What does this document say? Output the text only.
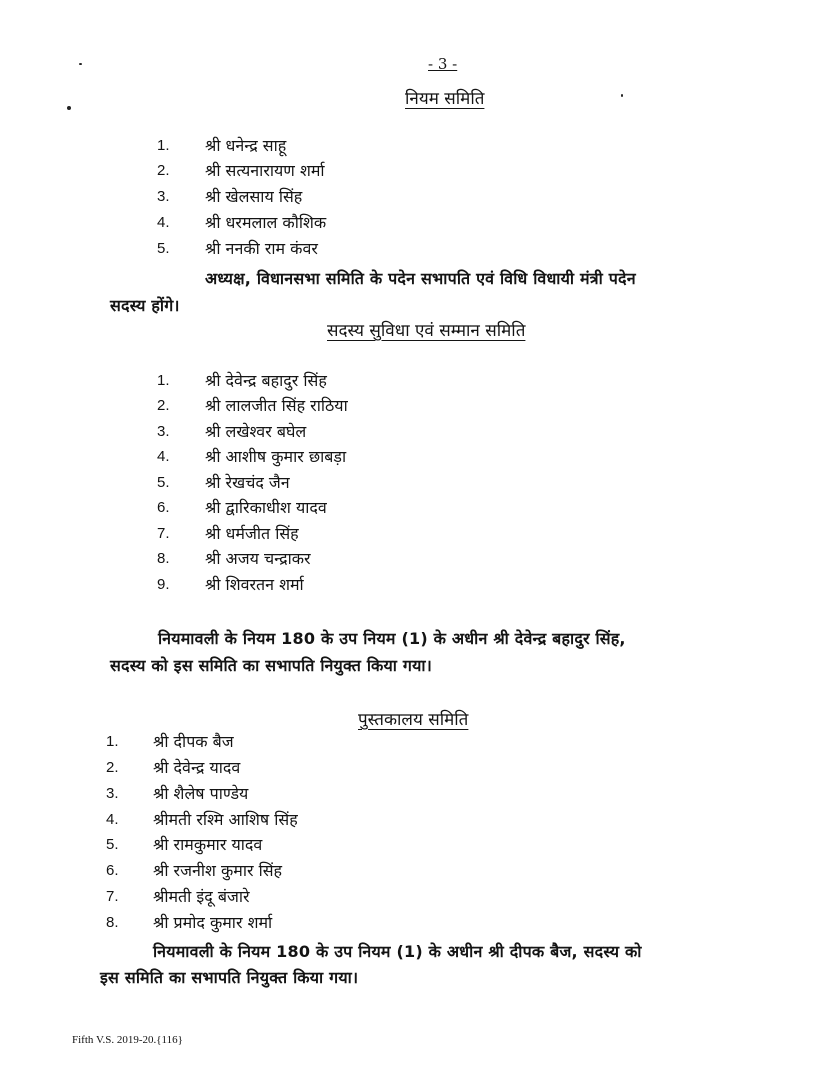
- 3 -
नियम समिति
1. श्री धनेन्द्र साहू
2. श्री सत्यनारायण शर्मा
3. श्री खेलसाय सिंह
4. श्री धरमलाल कौशिक
5. श्री ननकी राम कंवर
अध्यक्ष, विधानसभा समिति के पदेन सभापति एवं विधि विधायी मंत्री पदेन
सदस्य होंगे।
सदस्य सुविधा एवं सम्मान समिति
1. श्री देवेन्द्र बहादुर सिंह
2. श्री लालजीत सिंह राठिया
3. श्री लखेश्वर बघेल
4. श्री आशीष कुमार छाबड़ा
5. श्री रेखचंद जैन
6. श्री द्वारिकाधीश यादव
7. श्री धर्मजीत सिंह
8. श्री अजय चन्द्राकर
9. श्री शिवरतन शर्मा
नियमावली के नियम 180 के उप नियम (1) के अधीन श्री देवेन्द्र बहादुर सिंह,
सदस्य को इस समिति का सभापति नियुक्त किया गया।
पुस्तकालय समिति
1. श्री दीपक बैज
2. श्री देवेन्द्र यादव
3. श्री शैलेष पाण्डेय
4. श्रीमती रश्मि आशिष सिंह
5. श्री रामकुमार यादव
6. श्री रजनीश कुमार सिंह
7. श्रीमती इंदू बंजारे
8. श्री प्रमोद कुमार शर्मा
नियमावली के नियम 180 के उप नियम (1) के अधीन श्री दीपक बैज, सदस्य को
इस समिति का सभापति नियुक्त किया गया।
Fifth V.S. 2019-20.{116}
